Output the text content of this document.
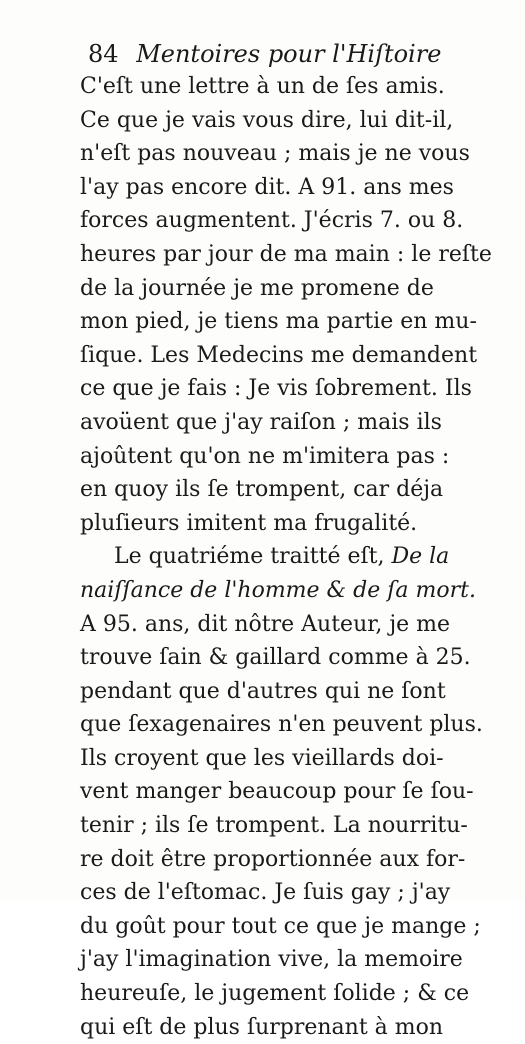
84 Mentoires pour l'Hiſtoire
C'eſt une lettre à un de ſes amis.
Ce que je vais vous dire, lui dit-il,
n'eſt pas nouveau ; mais je ne vous
l'ay pas encore dit. A 91. ans mes
forces augmentent. J'écris 7. ou 8.
heures par jour de ma main : le reſte
de la journée je me promene de
mon pied, je tiens ma partie en mu-
ſique. Les Medecins me demandent
ce que je fais : Je vis ſobrement. Ils
avoüent que j'ay raiſon ; mais ils
ajoûtent qu'on ne m'imitera pas :
en quoy ils ſe trompent, car déja
pluſieurs imitent ma frugalité.
Le quatriéme traitté eſt, De la
naiſſance de l'homme & de ſa mort.
A 95. ans, dit nôtre Auteur, je me
trouve ſain & gaillard comme à 25.
pendant que d'autres qui ne ſont
que ſexagenaires n'en peuvent plus.
Ils croyent que les vieillards doi-
vent manger beaucoup pour ſe ſou-
tenir ; ils ſe trompent. La nourritu-
re doit être proportionnée aux for-
ces de l'eſtomac. Je ſuis gay ; j'ay
du goût pour tout ce que je mange ;
j'ay l'imagination vive, la memoire
heureuſe, le jugement ſolide ; & ce
qui eſt de plus ſurprenant à mon
